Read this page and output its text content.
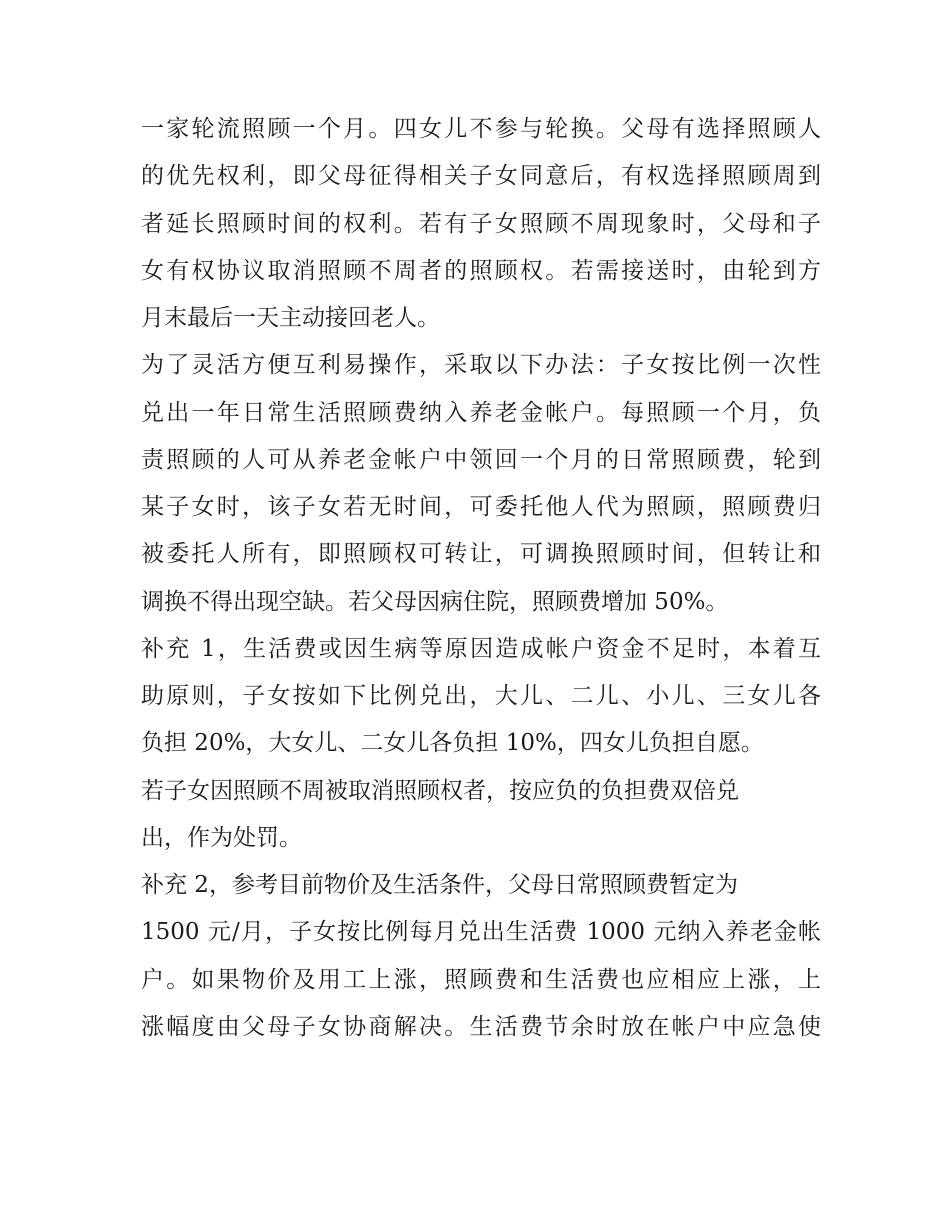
一家轮流照顾一个月。四女儿不参与轮换。父母有选择照顾人
的优先权利，即父母征得相关子女同意后，有权选择照顾周到
者延长照顾时间的权利。若有子女照顾不周现象时，父母和子
女有权协议取消照顾不周者的照顾权。若需接送时，由轮到方
月末最后一天主动接回老人。
为了灵活方便互利易操作，采取以下办法：子女按比例一次性
兑出一年日常生活照顾费纳入养老金帐户。每照顾一个月，负
责照顾的人可从养老金帐户中领回一个月的日常照顾费，轮到
某子女时，该子女若无时间，可委托他人代为照顾，照顾费归
被委托人所有，即照顾权可转让，可调换照顾时间，但转让和
调换不得出现空缺。若父母因病住院，照顾费增加 50%。
补充 1，生活费或因生病等原因造成帐户资金不足时，本着互
助原则，子女按如下比例兑出，大儿、二儿、小儿、三女儿各
负担 20%，大女儿、二女儿各负担 10%，四女儿负担自愿。
若子女因照顾不周被取消照顾权者，按应负的负担费双倍兑
出，作为处罚。
补充 2，参考目前物价及生活条件，父母日常照顾费暂定为
1500 元/月，子女按比例每月兑出生活费 1000 元纳入养老金帐
户。如果物价及用工上涨，照顾费和生活费也应相应上涨，上
涨幅度由父母子女协商解决。生活费节余时放在帐户中应急使
